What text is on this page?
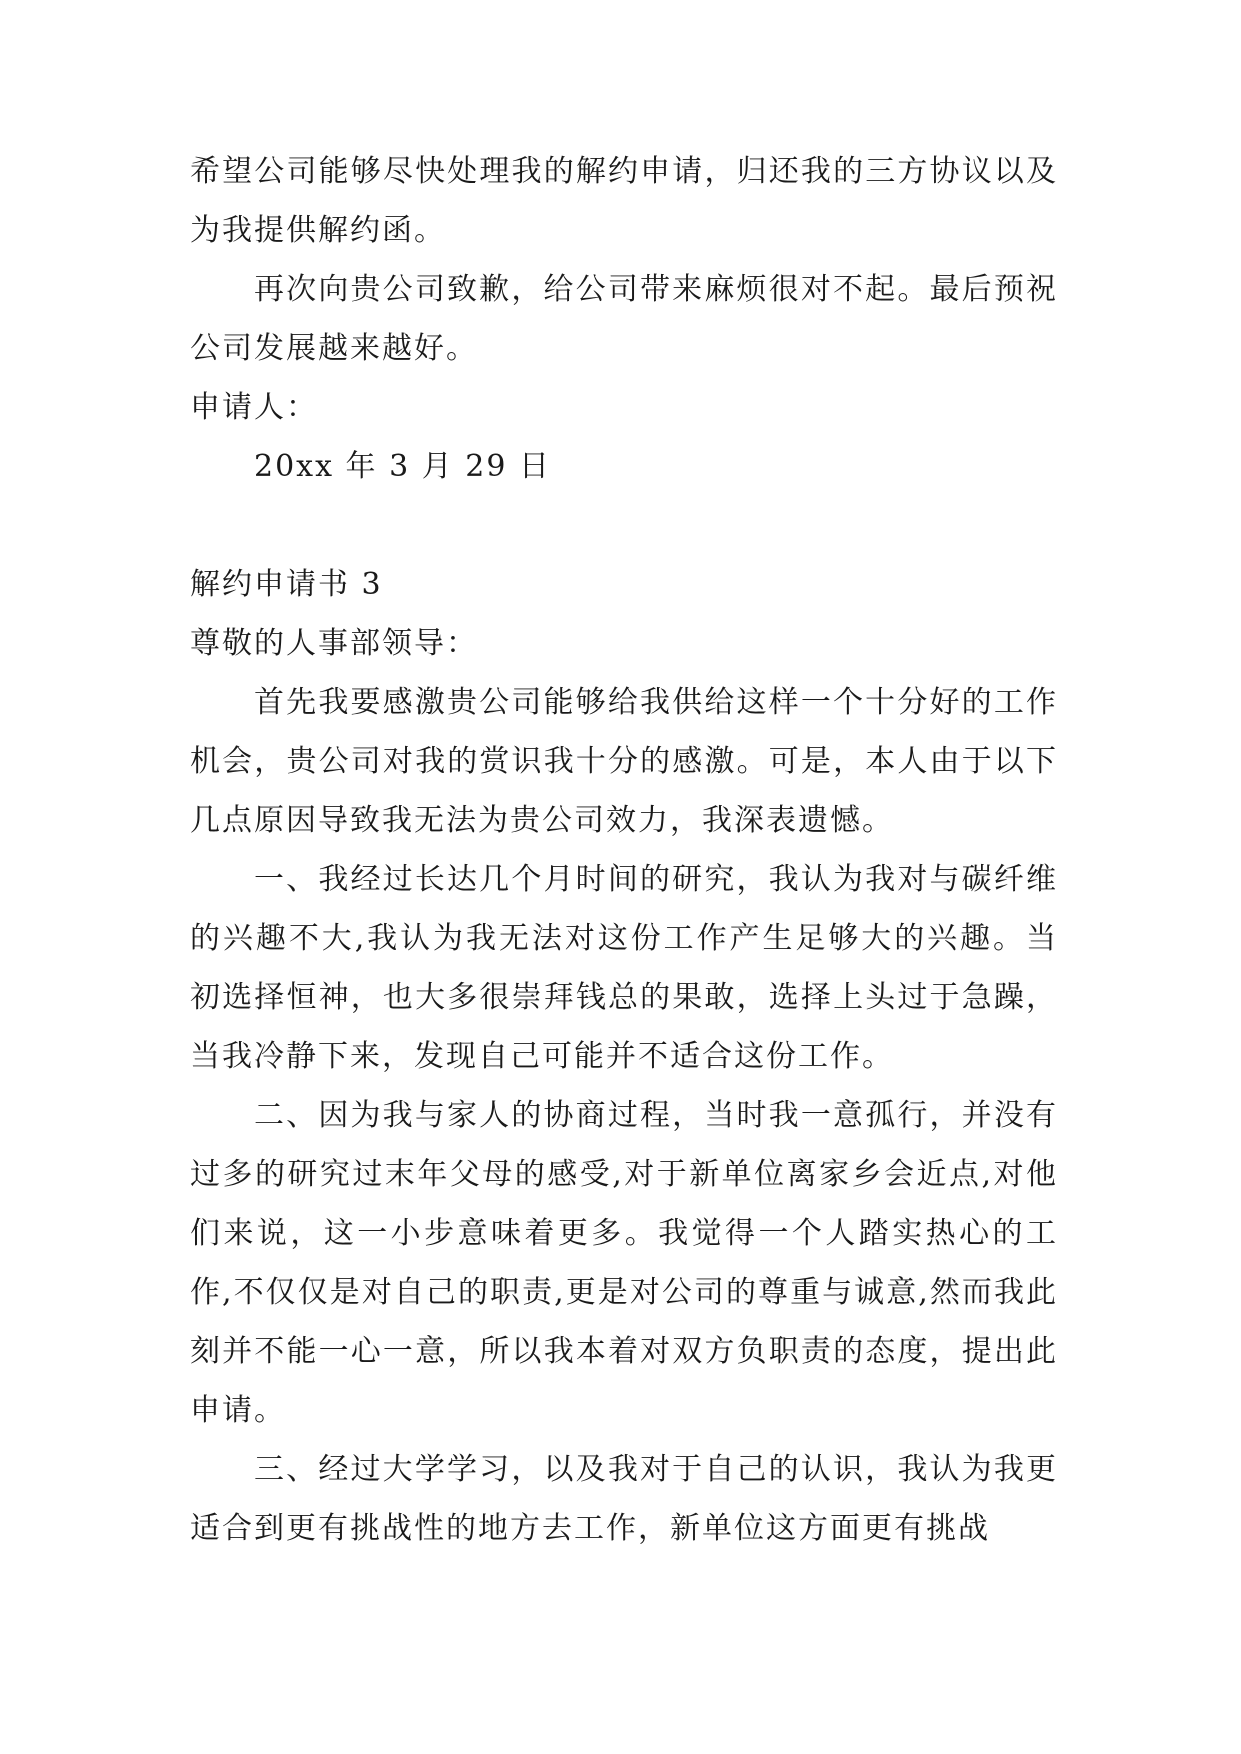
希望公司能够尽快处理我的解约申请，归还我的三方协议以及为我提供解约函。

再次向贵公司致歉，给公司带来麻烦很对不起。最后预祝公司发展越来越好。

申请人：

20xx 年 3 月 29 日

解约申请书 3

尊敬的人事部领导：

首先我要感激贵公司能够给我供给这样一个十分好的工作机会，贵公司对我的赏识我十分的感激。可是，本人由于以下几点原因导致我无法为贵公司效力，我深表遗憾。

一、我经过长达几个月时间的研究，我认为我对与碳纤维的兴趣不大,我认为我无法对这份工作产生足够大的兴趣。当初选择恒神，也大多很崇拜钱总的果敢，选择上头过于急躁，当我冷静下来，发现自己可能并不适合这份工作。

二、因为我与家人的协商过程，当时我一意孤行，并没有过多的研究过末年父母的感受,对于新单位离家乡会近点,对他们来说，这一小步意味着更多。我觉得一个人踏实热心的工作,不仅仅是对自己的职责,更是对公司的尊重与诚意,然而我此刻并不能一心一意，所以我本着对双方负职责的态度，提出此申请。

三、经过大学学习，以及我对于自己的认识，我认为我更适合到更有挑战性的地方去工作，新单位这方面更有挑战
